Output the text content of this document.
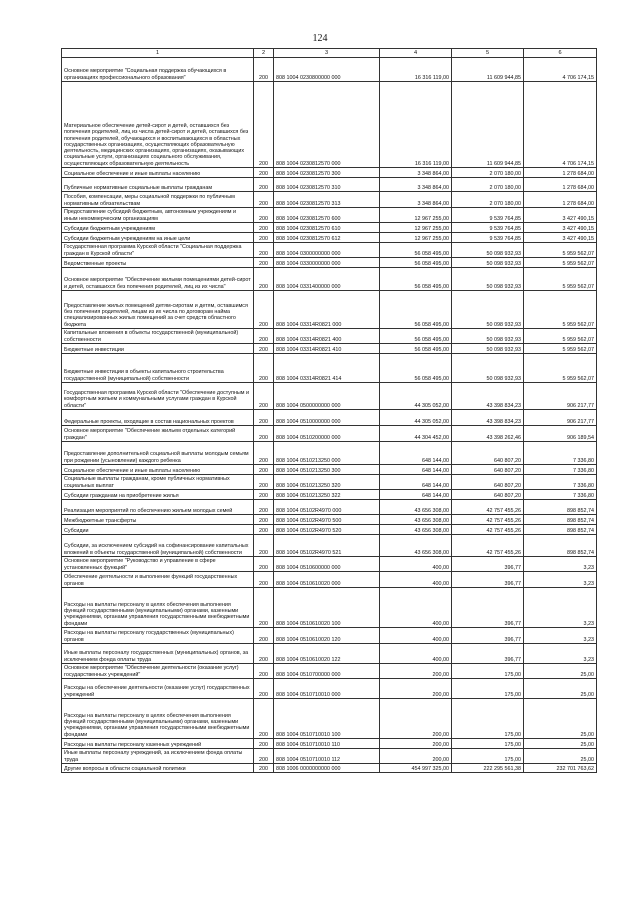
124
1	2	3	4	5	6
Основное мероприятие "Социальная поддержка обучающихся в организациях профессионального образования"	200	808 1004 0230800000 000	16 316 119,00	11 609 944,85	4 706 174,15
Материальное обеспечение детей-сирот и детей, оставшихся без попечения родителей, лиц из числа детей-сирот и детей, оставшихся без попечения родителей, обучающихся и воспитывающихся в областных государственных организациях, осуществляющих образовательную деятельность, медицинских организациях, организациях, оказывающих социальные услуги, организациях социального обслуживания, осуществляющих образовательную деятельность	200	808 1004 0230812570 000	16 316 119,00	11 609 944,85	4 706 174,15
Социальное обеспечение и иные выплаты населению	200	808 1004 0230812570 300	3 348 864,00	2 070 180,00	1 278 684,00
Публичные нормативные социальные выплаты гражданам	200	808 1004 0230812570 310	3 348 864,00	2 070 180,00	1 278 684,00
Пособия, компенсации, меры социальной поддержки по публичным нормативным обязательствам	200	808 1004 0230812570 313	3 348 864,00	2 070 180,00	1 278 684,00
Предоставление субсидий бюджетным, автономным учреждениям и иным некоммерческим организациям	200	808 1004 0230812570 600	12 967 255,00	9 539 764,85	3 427 490,15
Субсидии бюджетным учреждениям	200	808 1004 0230812570 610	12 967 255,00	9 539 764,85	3 427 490,15
Субсидии бюджетным учреждениям на иные цели	200	808 1004 0230812570 612	12 967 255,00	9 539 764,85	3 427 490,15
Государственная программа Курской области "Социальная поддержка граждан в Курской области"	200	808 1004 0300000000 000	56 058 495,00	50 098 932,93	5 959 562,07
Ведомственные проекты	200	808 1004 0330000000 000	56 058 495,00	50 098 932,93	5 959 562,07
Основное мероприятие "Обеспечение жилыми помещениями детей-сирот и детей, оставшихся без попечения родителей, лиц из их числа"	200	808 1004 0331400000 000	56 058 495,00	50 098 932,93	5 959 562,07
Предоставление жилых помещений детям-сиротам и детям, оставшимся без попечения родителей, лицам из их числа по договорам найма специализированных жилых помещений за счет средств областного бюджета	200	808 1004 03314R0821 000	56 058 495,00	50 098 932,93	5 959 562,07
Капитальные вложения в объекты государственной (муниципальной) собственности	200	808 1004 03314R0821 400	56 058 495,00	50 098 932,93	5 959 562,07
Бюджетные инвестиции	200	808 1004 03314R0821 410	56 058 495,00	50 098 932,93	5 959 562,07
Бюджетные инвестиции в объекты капитального строительства государственной (муниципальной) собственности	200	808 1004 03314R0821 414	56 058 495,00	50 098 932,93	5 959 562,07
Государственная программа Курской области "Обеспечение доступным и комфортным жильем и коммунальными услугами граждан в Курской области"	200	808 1004 0500000000 000	44 305 052,00	43 398 834,23	906 217,77
Федеральные проекты, входящие в состав национальных проектов	200	808 1004 0510000000 000	44 305 052,00	43 398 834,23	906 217,77
Основное мероприятие "Обеспечение жильем отдельных категорий граждан"	200	808 1004 0510200000 000	44 304 452,00	43 398 262,46	906 189,54
Предоставление дополнительной социальной выплаты молодым семьям при рождении (усыновлении) каждого ребенка	200	808 1004 0510213250 000	648 144,00	640 807,20	7 336,80
Социальное обеспечение и иные выплаты населению	200	808 1004 0510213250 300	648 144,00	640 807,20	7 336,80
Социальные выплаты гражданам, кроме публичных нормативных социальных выплат	200	808 1004 0510213250 320	648 144,00	640 807,20	7 336,80
Субсидии гражданам на приобретение жилья	200	808 1004 0510213250 322	648 144,00	640 807,20	7 336,80
Реализация мероприятий по обеспечению жильем молодых семей	200	808 1004 05102R4970 000	43 656 308,00	42 757 455,26	898 852,74
Межбюджетные трансферты	200	808 1004 05102R4970 500	43 656 308,00	42 757 455,26	898 852,74
Субсидии	200	808 1004 05102R4970 520	43 656 308,00	42 757 455,26	898 852,74
Субсидии, за исключением субсидий на софинансирование капитальных вложений в объекты государственной (муниципальной) собственности	200	808 1004 05102R4970 521	43 656 308,00	42 757 455,26	898 852,74
Основное мероприятие "Руководство и управление в сфере установленных функций"	200	808 1004 0510600000 000	400,00	396,77	3,23
Обеспечение деятельности и выполнение функций государственных органов	200	808 1004 0510610020 000	400,00	396,77	3,23
Расходы на выплаты персоналу в целях обеспечения выполнения функций государственными (муниципальными) органами, казенными учреждениями, органами управления государственными внебюджетными фондами	200	808 1004 0510610020 100	400,00	396,77	3,23
Расходы на выплаты персоналу государственных (муниципальных) органов	200	808 1004 0510610020 120	400,00	396,77	3,23
Иные выплаты персоналу государственных (муниципальных) органов, за исключением фонда оплаты труда	200	808 1004 0510610020 122	400,00	396,77	3,23
Основное мероприятие "Обеспечение деятельности (оказание услуг) государственных учреждений"	200	808 1004 0510700000 000	200,00	175,00	25,00
Расходы на обеспечение деятельности (оказание услуг) государственных учреждений	200	808 1004 0510710010 000	200,00	175,00	25,00
Расходы на выплаты персоналу в целях обеспечения выполнения функций государственными (муниципальными) органами, казенными учреждениями, органами управления государственными внебюджетными фондами	200	808 1004 0510710010 100	200,00	175,00	25,00
Расходы на выплаты персоналу казенных учреждений	200	808 1004 0510710010 110	200,00	175,00	25,00
Иные выплаты персоналу учреждений, за исключением фонда оплаты труда	200	808 1004 0510710010 112	200,00	175,00	25,00
Другие вопросы в области социальной политики	200	808 1006 0000000000 000	454 997 325,00	222 295 561,38	232 701 763,62
